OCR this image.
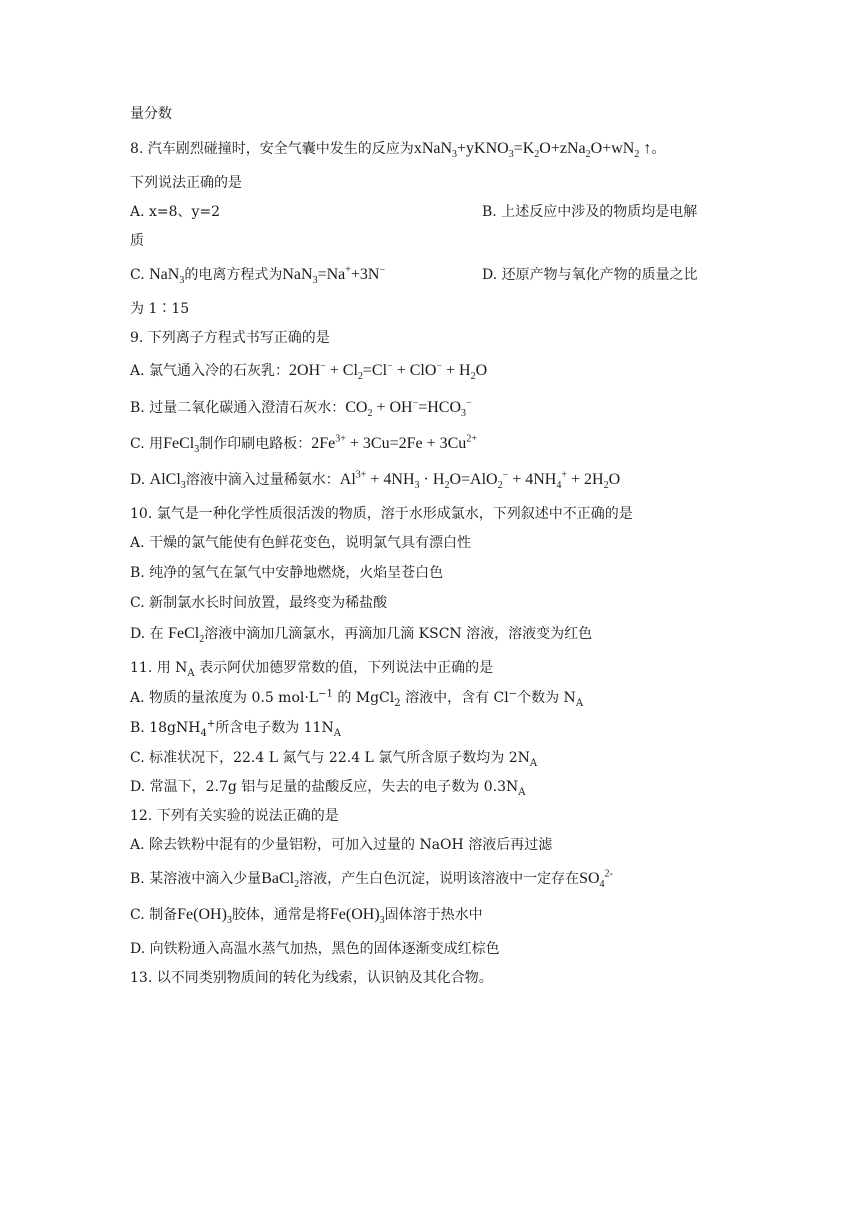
量分数
8. 汽车剧烈碰撞时，安全气囊中发生的反应为$xNaN_3+yKNO_3=K_2O+zNa_2O+wN_2$ ↑。
下列说法正确的是
A. x=8、y=2	B. 上述反应中涉及的物质均是电解
质
C. NaN$_3$的电离方程式为NaN$_3$=Na++3N−	D. 还原产物与氧化产物的质量之比
为 1∶15
9. 下列离子方程式书写正确的是
A. 氯气通入冷的石灰乳：$2OH^- + Cl_2=Cl^- + ClO^- + H_2O$
B. 过量二氧化碳通入澄清石灰水：$CO_2 + OH^-=HCO_3^-$
C. 用FeCl$_3$制作印刷电路板：$2Fe^{3+} + 3Cu=2Fe + 3Cu^{2+}$
D. AlCl$_3$溶液中滴入过量稀氨水：$Al^{3+} + 4NH_3 \cdot H_2O=AlO_2^- + 4NH_4^+ + 2H_2O$
10. 氯气是一种化学性质很活泼的物质，溶于水形成氯水，下列叙述中不正确的是
A. 干燥的氯气能使有色鲜花变色，说明氯气具有漂白性
B. 纯净的氢气在氯气中安静地燃烧，火焰呈苍白色
C. 新制氯水长时间放置，最终变为稀盐酸
D. 在 FeCl$_2$溶液中滴加几滴氯水，再滴加几滴 KSCN 溶液，溶液变为红色
11. 用 $N_A$ 表示阿伏加德罗常数的值，下列说法中正确的是
A. 物质的量浓度为 0.5 $mol\cdot L^{-1}$ 的 MgCl$_2$ 溶液中，含有 Cl−个数为 $N_A$
B. 18gNH$_4$+所含电子数为 $11N_A$
C. 标准状况下，22.4 L 氮气与 22.4 L 氯气所含原子数均为 $2N_A$
D. 常温下，2.7g 铝与足量的盐酸反应，失去的电子数为 $0.3N_A$
12. 下列有关实验的说法正确的是
A. 除去铁粉中混有的少量铝粉，可加入过量的 NaOH 溶液后再过滤
B. 某溶液中滴入少量BaCl$_2$溶液，产生白色沉淀，说明该溶液中一定存在$SO_4^{2-}$
C. 制备$Fe(OH)_3$胶体，通常是将$Fe(OH)_3$固体溶于热水中
D. 向铁粉通入高温水蒸气加热，黑色的固体逐渐变成红棕色
13. 以不同类别物质间的转化为线索，认识钠及其化合物。
